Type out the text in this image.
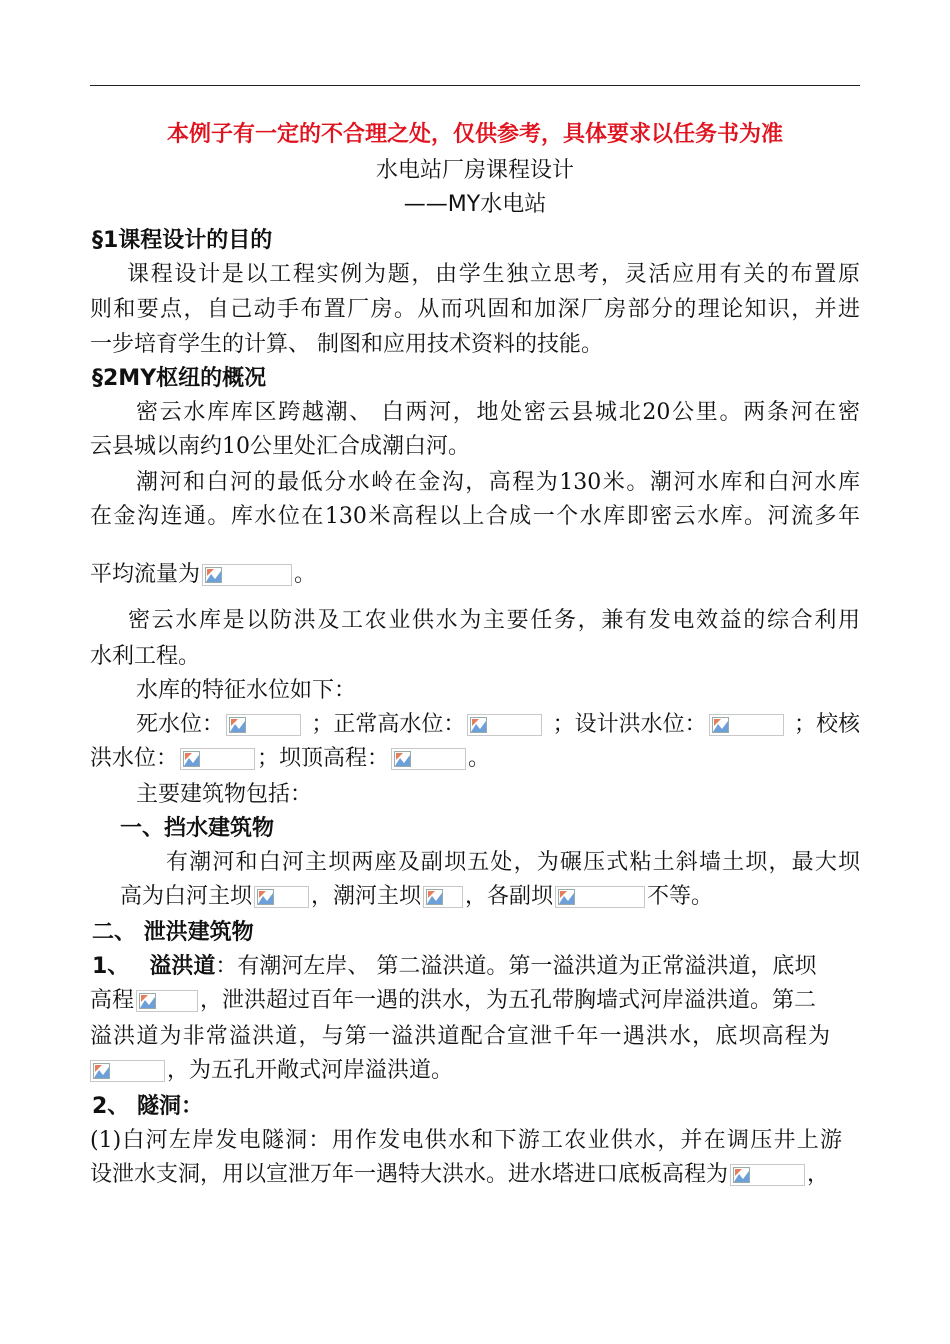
本例子有一定的不合理之处，仅供参考，具体要求以任务书为准
水电站厂房课程设计
——MY水电站
§1课程设计的目的
课程设计是以工程实例为题，由学生独立思考，灵活应用有关的布置原
则和要点，自己动手布置厂房。从而巩固和加深厂房部分的理论知识，并进
一步培育学生的计算、 制图和应用技术资料的技能。
§2MY枢纽的概况
密云水库库区跨越潮、 白两河，地处密云县城北20公里。两条河在密
云县城以南约10公里处汇合成潮白河。
潮河和白河的最低分水岭在金沟，高程为130米。潮河水库和白河水库
在金沟连通。库水位在130米高程以上合成一个水库即密云水库。河流多年
平均流量为	。
密云水库是以防洪及工农业供水为主要任务，兼有发电效益的综合利用
水利工程。
水库的特征水位如下：
死水位：	；正常高水位：	；设计洪水位：	；校核
洪水位：	；坝顶高程：	。
主要建筑物包括：
一、挡水建筑物
有潮河和白河主坝两座及副坝五处，为碾压式粘土斜墙土坝，最大坝
高为白河主坝	，潮河主坝 ，各副坝	不等。
二、 泄洪建筑物
1、 溢洪道 ：有潮河左岸、 第二溢洪道。第一溢洪道为正常溢洪道，底坝
高程	，泄洪超过百年一遇的洪水，为五孔带胸墙式河岸溢洪道。第二
溢洪道为非常溢洪道，与第一溢洪道配合宣泄千年一遇洪水，底坝高程为
，为五孔开敞式河岸溢洪道。
2、 隧洞：
(1)白河左岸发电隧洞：用作发电供水和下游工农业供水，并在调压井上游
设泄水支洞，用以宣泄万年一遇特大洪水。进水塔进口底板高程为	，
